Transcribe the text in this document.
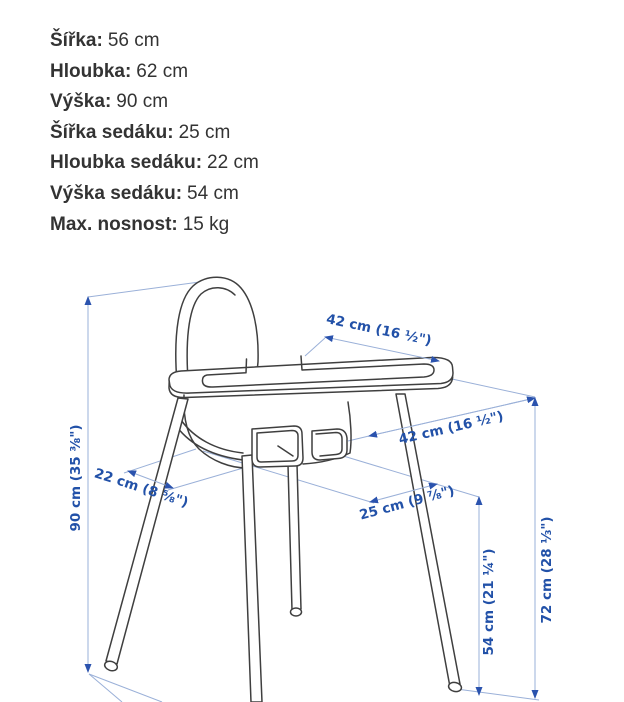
Šířka: 56 cm
Hloubka: 62 cm
Výška: 90 cm
Šířka sedáku: 25 cm
Hloubka sedáku: 22 cm
Výška sedáku: 54 cm
Max. nosnost: 15 kg
42 cm (16 ½")
42 cm (16 ½")
22 cm (8 ⅝")	25 cm (9 ⅞")
90 cm (35 ⅜")
54 cm (21 ¼")	72 cm (28 ⅓")
